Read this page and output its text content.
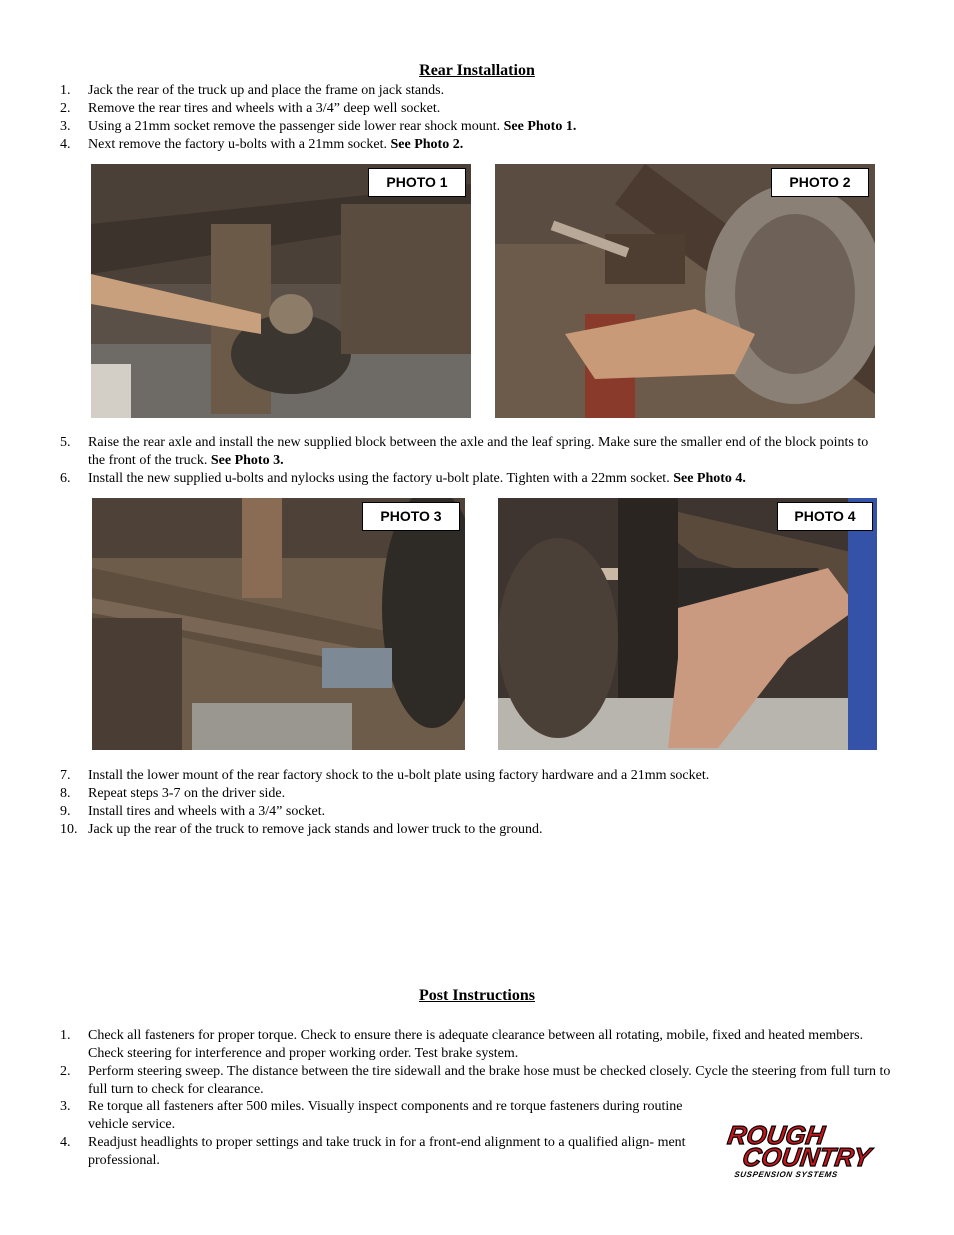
Rear Installation
1. Jack the rear of the truck up and place the frame on jack stands.
2. Remove the rear tires and wheels with a 3/4” deep well socket.
3. Using a 21mm socket remove the passenger side lower rear shock mount. See Photo 1.
4. Next remove the factory u-bolts with a 21mm socket. See Photo 2.
PHOTO 1	PHOTO 2
5. Raise the rear axle and install the new supplied block between the axle and the leaf spring. Make sure the smaller end of the block points to the front of the truck. See Photo 3.
6. Install the new supplied u-bolts and nylocks using the factory u-bolt plate. Tighten with a 22mm socket. See Photo 4.
PHOTO 3	PHOTO 4
7. Install the lower mount of the rear factory shock to the u-bolt plate using factory hardware and a 21mm socket.
8. Repeat steps 3-7 on the driver side.
9. Install tires and wheels with a 3/4” socket.
10. Jack up the rear of the truck to remove jack stands and lower truck to the ground.
Post Instructions
1. Check all fasteners for proper torque. Check to ensure there is adequate clearance between all rotating, mobile, fixed and heated members. Check steering for interference and proper working order. Test brake system.
2. Perform steering sweep. The distance between the tire sidewall and the brake hose must be checked closely. Cycle the steering from full turn to full turn to check for clearance.
3. Re torque all fasteners after 500 miles. Visually inspect components and re torque fasteners during routine vehicle service.
4. Readjust headlights to proper settings and take truck in for a front-end alignment to a qualified align- ment professional.
ROUGH
COUNTRY
SUSPENSION SYSTEMS
